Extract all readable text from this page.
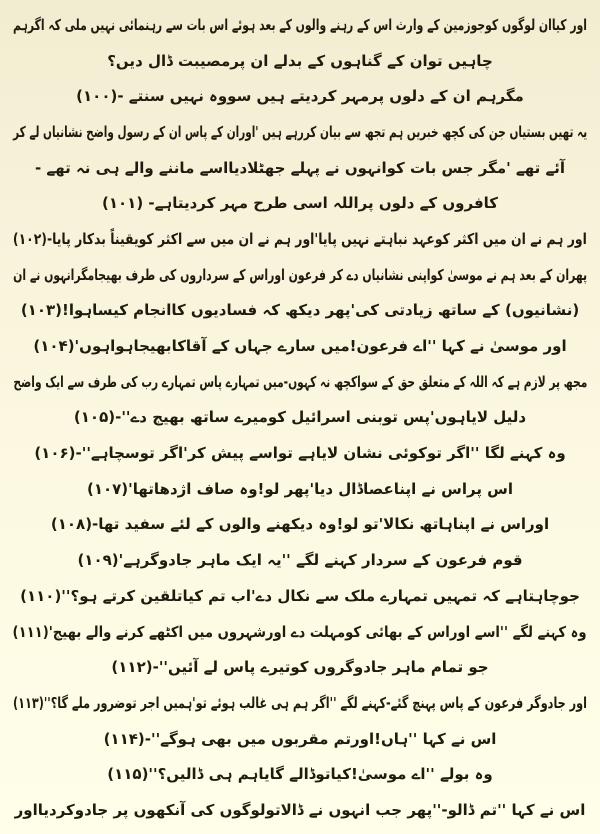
اور کیاان لوگوں کوجوزمین کے وارث اس کے رہنے والوں کے بعد ہوئے اس بات سے رہنمائی نہیں ملی کہ اگرہم
چاہیں توان کے گناہوں کے بدلے ان پرمصیبت ڈال دیں؟
مگرہم ان کے دلوں پرمہر کردیتے ہیں سووہ نہیں سنتے -(۱۰۰)
یہ تھیں بستیاں جن کی کچھ خبریں ہم تجھ سے بیان کررہے ہیں 'اوران کے پاس ان کے رسول واضح نشانیاں لے کر
آئے تھے 'مگر جس بات کوانہوں نے پہلے جھٹلادیااسے ماننے والے ہی نہ تھے -
کافروں کے دلوں پراللہ اسی طرح مہر کردیتاہے- (۱۰۱)
اور ہم نے ان میں اکثر کوعہد نباہتے نہیں پایا'اور ہم نے ان میں سے اکثر کویقیناً بدکار پایا-(۱۰۲)
پھران کے بعد ہم نے موسیٰ کواپنی نشانیاں دے کر فرعون اوراس کے سرداروں کی طرف بھیجامگرانہوں نے ان
(نشانیوں) کے ساتھ زیادتی کی'پھر دیکھ کہ فسادیوں کاانجام کیساہوا!(۱۰۳)
اور موسیٰ نے کہا ''اے فرعون!میں سارے جہاں کے آقاکابھیجاہواہوں'(۱۰۴)
مجھ پر لازم ہے کہ اللہ کے متعلق حق کے سواکچھ نہ کہوں-میں تمہارے پاس تمہارے رب کی طرف سے ایک واضح
دلیل لایاہوں'پس توبنی اسرائیل کومیرے ساتھ بھیج دے''-(۱۰۵)
وہ کہنے لگا ''اگر توکوئی نشان لایاہے تواسے پیش کر'اگر توسچاہے''-(۱۰۶)
اس پراس نے اپناعصاڈال دیا'پھر لو!وہ صاف اژدھاتھا'(۱۰۷)
اوراس نے اپناہاتھ نکالا'تو لو!وہ دیکھنے والوں کے لئے سفید تھا-(۱۰۸)
قوم فرعون کے سردار کہنے لگے ''یہ ایک ماہر جادوگرہے'(۱۰۹)
جوچاہتاہے کہ تمہیں تمہارے ملک سے نکال دے'اب تم کیاتلقین کرتے ہو؟''(۱۱۰)
وہ کہنے لگے ''اسے اوراس کے بھائی کومہلت دے اورشہروں میں اکٹھے کرنے والے بھیج'(۱۱۱)
جو تمام ماہر جادوگروں کوتیرے پاس لے آئیں''-(۱۱۲)
اور جادوگر فرعون کے پاس پہنچ گئے-کہنے لگے ''اگر ہم ہی غالب ہوئے تو'ہمیں اجر توضرور ملے گا؟''(۱۱۳)
اس نے کہا ''ہاں!اورتم مقربوں میں بھی ہوگے''-(۱۱۴)
وہ بولے ''اے موسیٰ!کیاتوڈالے گایاہم ہی ڈالیں؟''(۱۱۵)
اس نے کہا ''تم ڈالو-''پھر جب انہوں نے ڈالاتولوگوں کی آنکھوں پر جادوکردیااور
